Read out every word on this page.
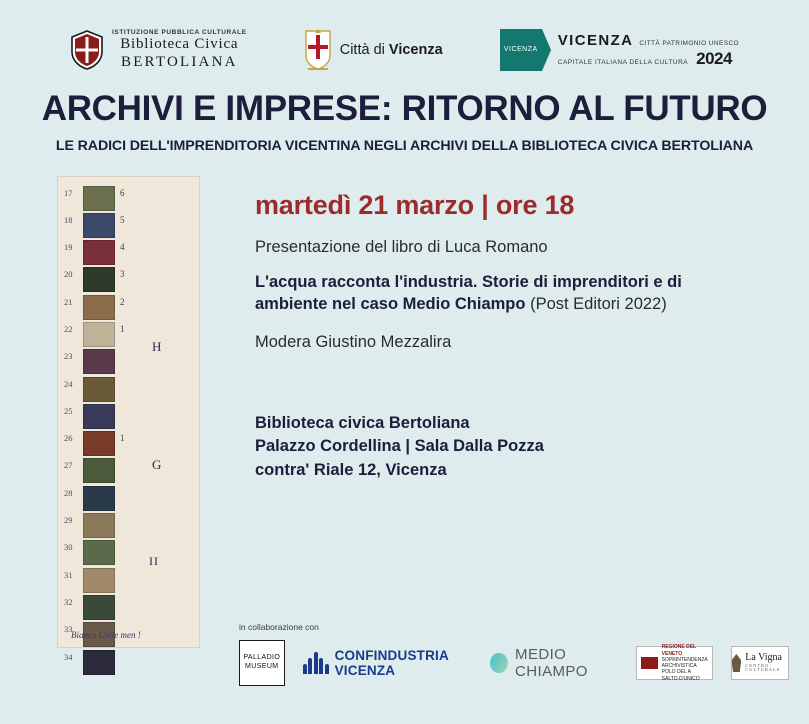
ISTITUZIONE PUBBLICA CULTURALE
Biblioteca Civica
BERTOLIANA
Città di Vicenza	VICENZA
VICENZA CITTÀ PATRIMONIO UNESCO
CAPITALE ITALIANA DELLA CULTURA 2024
ARCHIVI E IMPRESE: RITORNO AL FUTURO
LE RADICI DELL'IMPRENDITORIA VICENTINA NEGLI ARCHIVI DELLA BIBLIOTECA CIVICA BERTOLIANA
17
18
19
20
21
22
23
24
25
26
27
28
29
30
31
32
33
34
6
5
4
3
2
1
1
H
G
II
Bianco Colle men !
martedì 21 marzo | ore 18
Presentazione del libro di Luca Romano
L'acqua racconta l'industria. Storie di imprenditori e di ambiente nel caso Medio Chiampo (Post Editori 2022)
Modera Giustino Mezzalira
Biblioteca civica Bertoliana
Palazzo Cordellina | Sala Dalla Pozza
contra' Riale 12, Vicenza
in collaborazione con
PALLADIO MUSEUM
CONFINDUSTRIA VICENZA
MEDIO CHIAMPO
REGIONE DEL VENETO
SOPRINTENDENZA ARCHIVISTICA POLO DEL A SALTO D'UNICO
La Vigna
CENTRO CULTURALE
